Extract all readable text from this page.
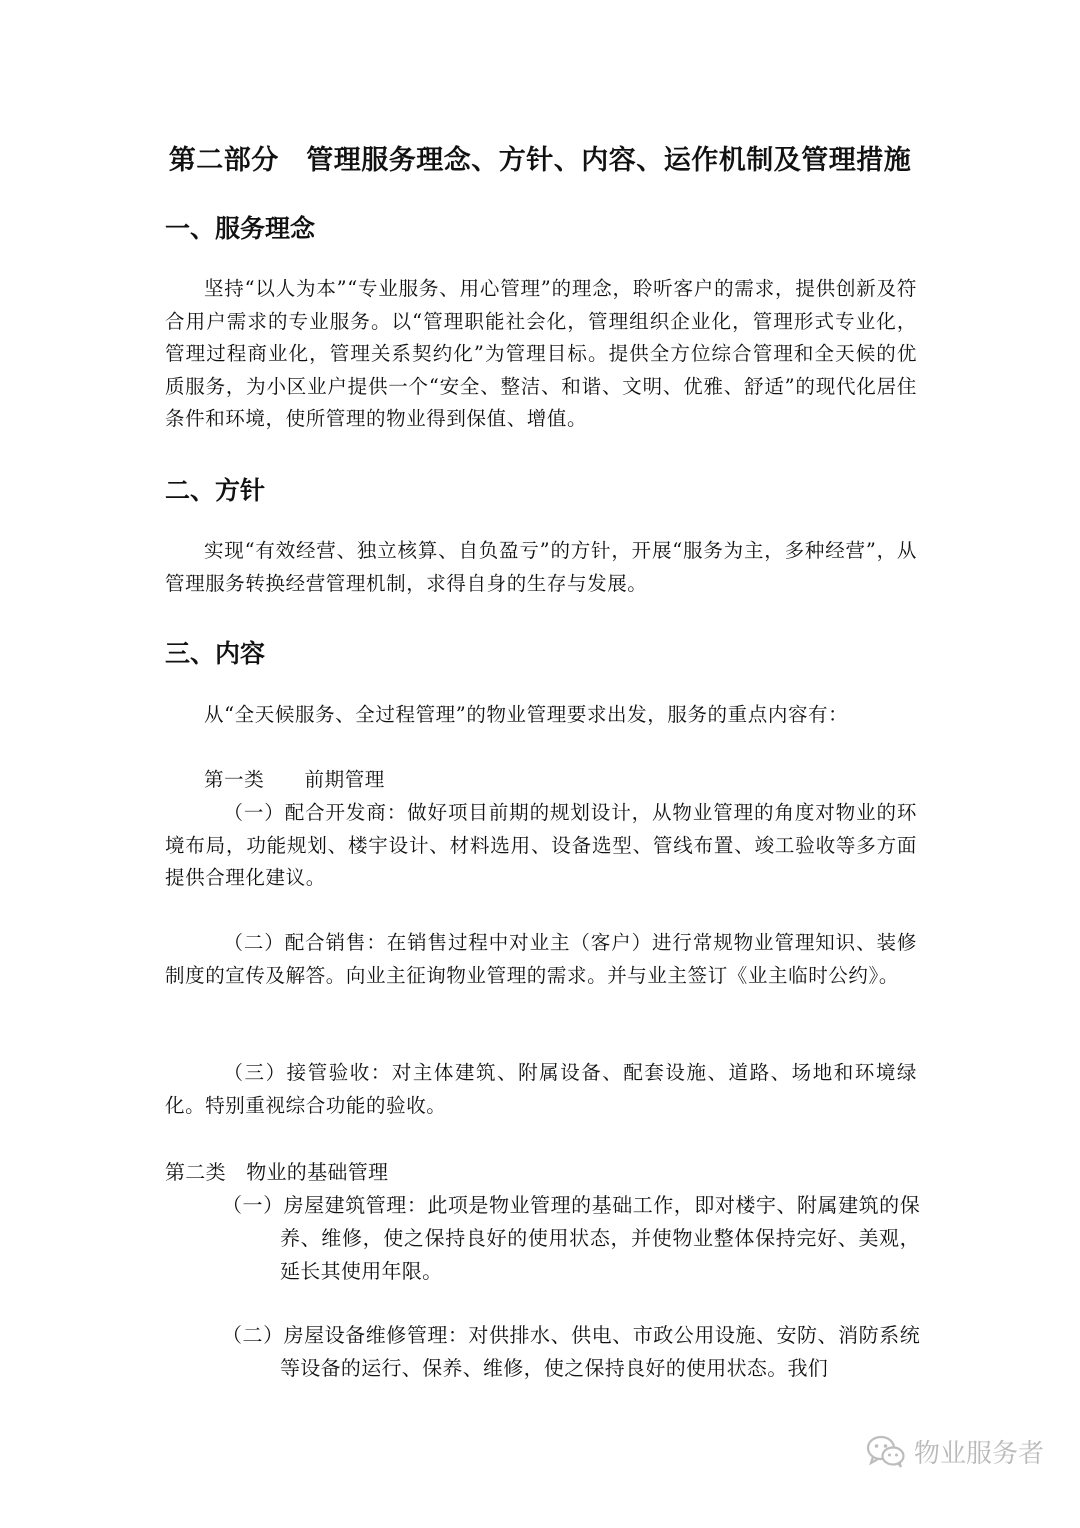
第二部分　管理服务理念、方针、内容、运作机制及管理措施
一、服务理念
坚持“以人为本”“专业服务、用心管理”的理念，聆听客户的需求，提供创新及符合用户需求的专业服务。以“管理职能社会化，管理组织企业化，管理形式专业化，管理过程商业化，管理关系契约化”为管理目标。提供全方位综合管理和全天候的优质服务，为小区业户提供一个“安全、整洁、和谐、文明、优雅、舒适”的现代化居住条件和环境，使所管理的物业得到保值、增值。
二、方针
实现“有效经营、独立核算、自负盈亏”的方针，开展“服务为主，多种经营”，从管理服务转换经营管理机制，求得自身的生存与发展。
三、内容
从“全天候服务、全过程管理”的物业管理要求出发，服务的重点内容有：
第一类　　前期管理
（一）配合开发商：做好项目前期的规划设计，从物业管理的角度对物业的环境布局，功能规划、楼宇设计、材料选用、设备选型、管线布置、竣工验收等多方面提供合理化建议。
（二）配合销售：在销售过程中对业主（客户）进行常规物业管理知识、装修制度的宣传及解答。向业主征询物业管理的需求。并与业主签订《业主临时公约》。
（三）接管验收：对主体建筑、附属设备、配套设施、道路、场地和环境绿化。特别重视综合功能的验收。
第二类　物业的基础管理
（一）房屋建筑管理：此项是物业管理的基础工作，即对楼宇、附属建筑的保养、维修，使之保持良好的使用状态，并使物业整体保持完好、美观，延长其使用年限。
（二）房屋设备维修管理：对供排水、供电、市政公用设施、安防、消防系统等设备的运行、保养、维修，使之保持良好的使用状态。我们
物业服务者
